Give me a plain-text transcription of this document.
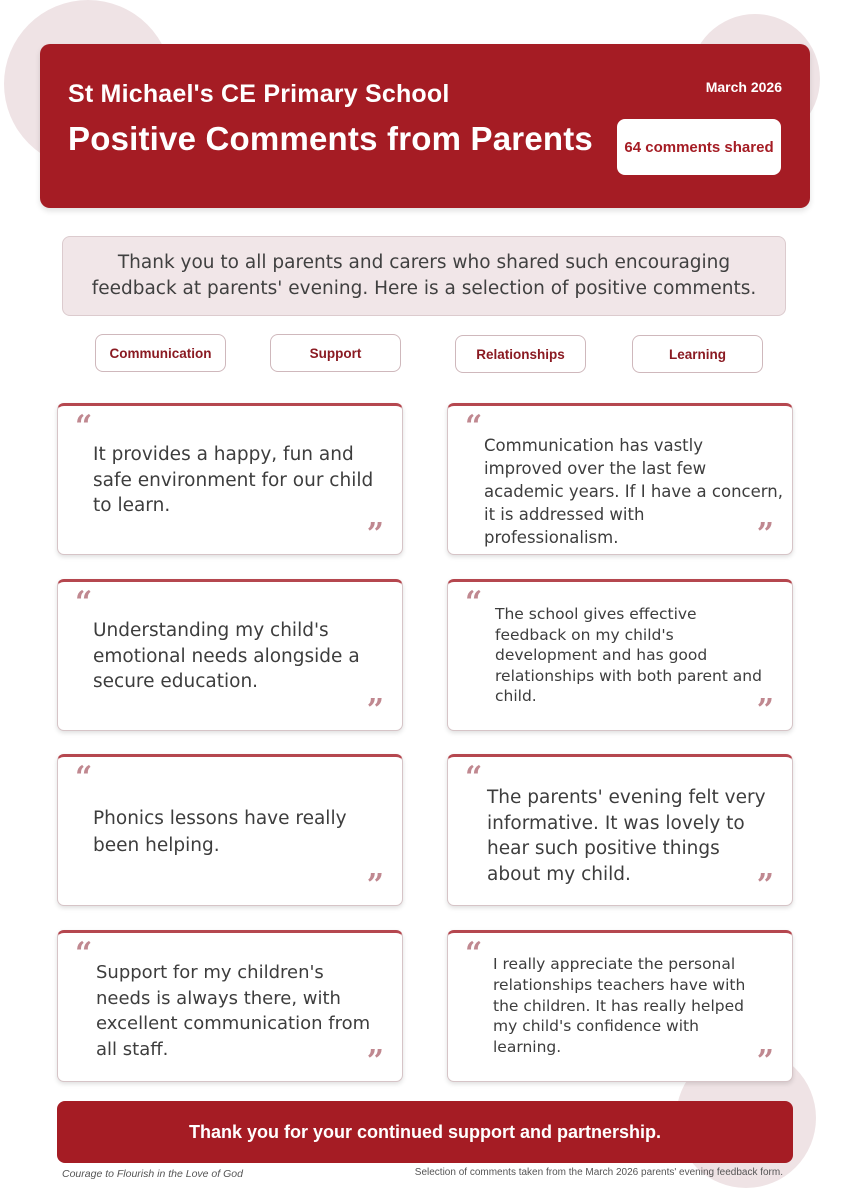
St Michael's CE Primary School
Positive Comments from Parents
March 2026
64 comments shared
Thank you to all parents and carers who shared such encouraging feedback at parents' evening. Here is a selection of positive comments.
Communication	Support	Relationships	Learning
“
It provides a happy, fun and safe environment for our child to learn.
”
“
Communication has vastly improved over the last few academic years. If I have a concern, it is addressed with professionalism.	”
“
Understanding my child's emotional needs alongside a secure education.
”
“ The school gives effective feedback on my child's development and has good relationships with both parent and child.	”
“
Phonics lessons have really been helping.
”
“
The parents' evening felt very informative. It was lovely to hear such positive things about my child.	”
“
Support for my children's needs is always there, with excellent communication from all staff.	”
“ I really appreciate the personal relationships teachers have with the children. It has really helped my child's confidence with learning.	”
Thank you for your continued support and partnership.
Courage to Flourish in the Love of God	Selection of comments taken from the March 2026 parents' evening feedback form.
